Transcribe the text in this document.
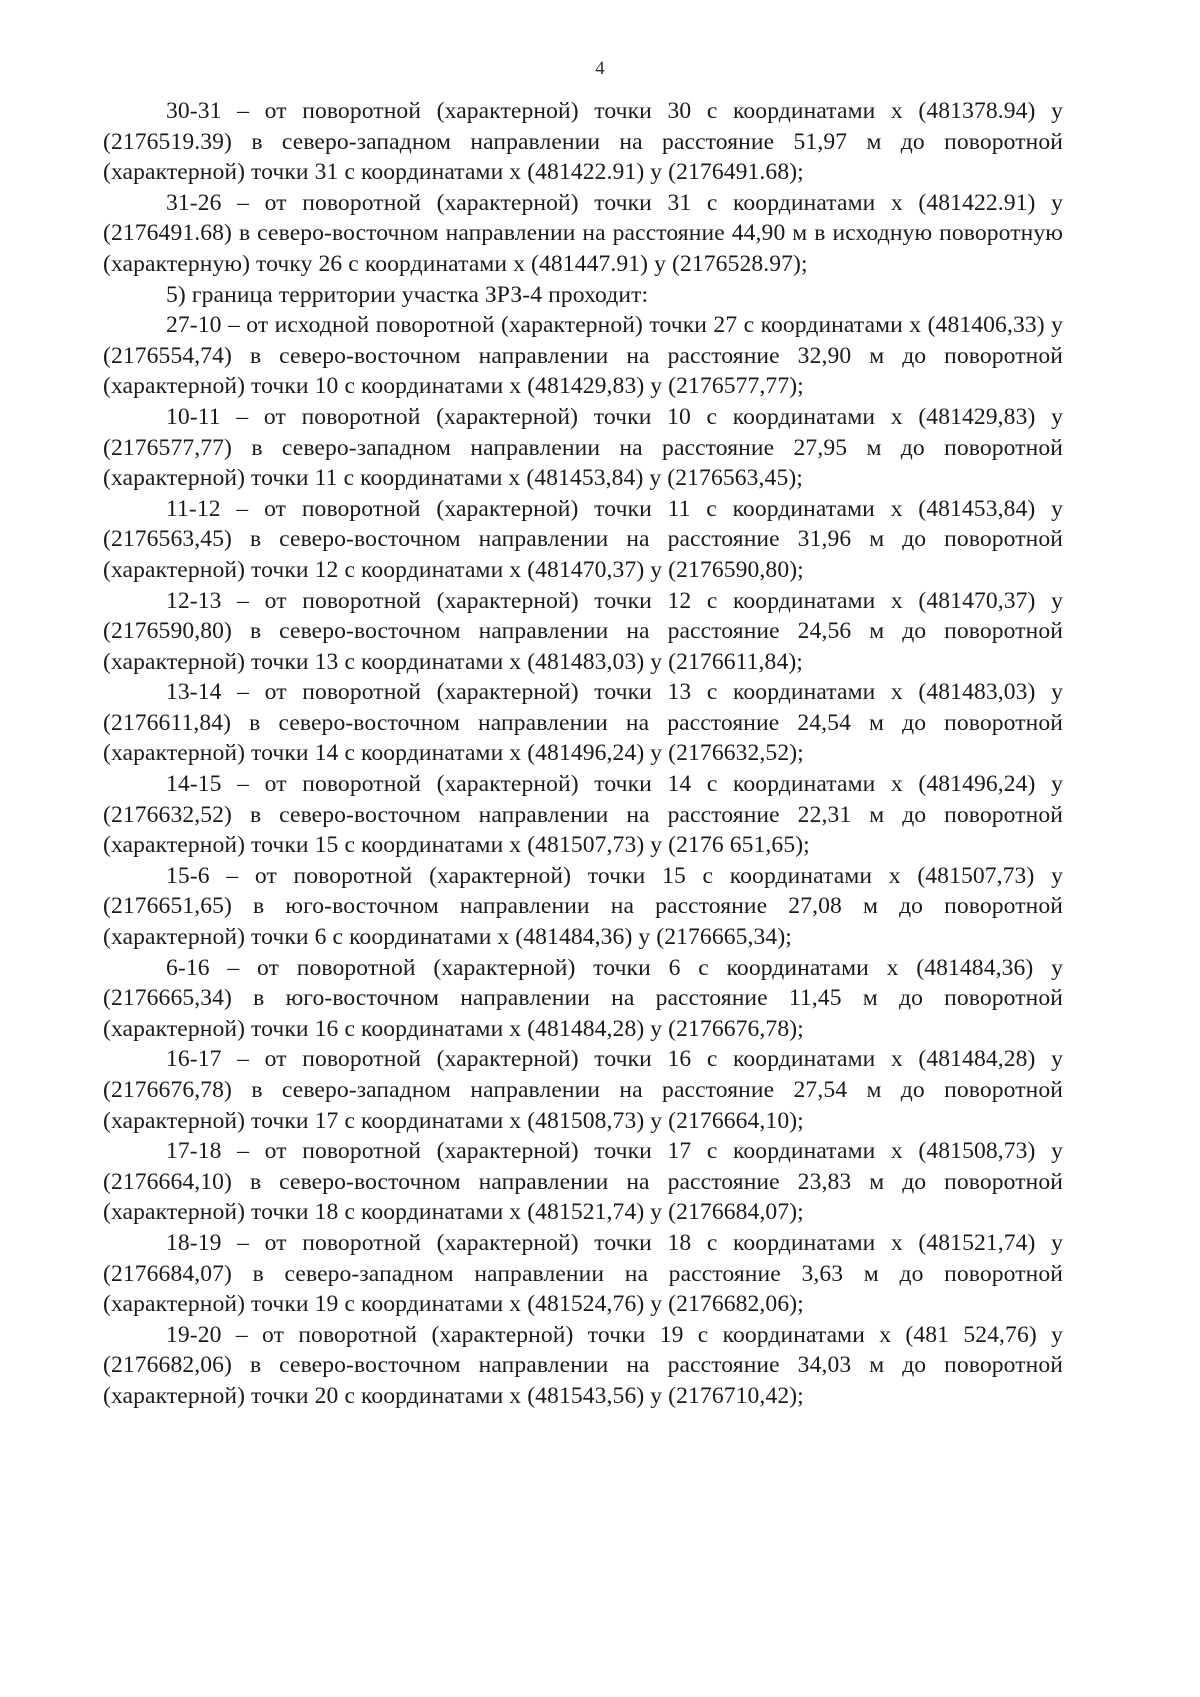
4

30-31 – от поворотной (характерной) точки 30 с координатами х (481378.94) у (2176519.39) в северо-западном направлении на расстояние 51,97 м до поворотной (характерной) точки 31 с координатами х (481422.91) у (2176491.68);

31-26 – от поворотной (характерной) точки 31 с координатами х (481422.91) у (2176491.68) в северо-восточном направлении на расстояние 44,90 м в исходную поворотную (характерную) точку 26 с координатами х (481447.91) у (2176528.97);

5) граница территории участка ЗРЗ-4 проходит:

27-10 – от исходной поворотной (характерной) точки 27 с координатами х (481406,33) у (2176554,74) в северо-восточном направлении на расстояние 32,90 м до поворотной (характерной) точки 10 с координатами х (481429,83) у (2176577,77);

10-11 – от поворотной (характерной) точки 10 с координатами х (481429,83) у (2176577,77) в северо-западном направлении на расстояние 27,95 м до поворотной (характерной) точки 11 с координатами х (481453,84) у (2176563,45);

11-12 – от поворотной (характерной) точки 11 с координатами х (481453,84) у (2176563,45) в северо-восточном направлении на расстояние 31,96 м до поворотной (характерной) точки 12 с координатами х (481470,37) у (2176590,80);

12-13 – от поворотной (характерной) точки 12 с координатами х (481470,37) у (2176590,80) в северо-восточном направлении на расстояние 24,56 м до поворотной (характерной) точки 13 с координатами х (481483,03) у (2176611,84);

13-14 – от поворотной (характерной) точки 13 с координатами х (481483,03) у (2176611,84) в северо-восточном направлении на расстояние 24,54 м до поворотной (характерной) точки 14 с координатами х (481496,24) у (2176632,52);

14-15 – от поворотной (характерной) точки 14 с координатами х (481496,24) у (2176632,52) в северо-восточном направлении на расстояние 22,31 м до поворотной (характерной) точки 15 с координатами х (481507,73) у (2176 651,65);

15-6 – от поворотной (характерной) точки 15 с координатами х (481507,73) у (2176651,65) в юго-восточном направлении на расстояние 27,08 м до поворотной (характерной) точки 6 с координатами х (481484,36) у (2176665,34);

6-16 – от поворотной (характерной) точки 6 с координатами х (481484,36) у (2176665,34) в юго-восточном направлении на расстояние 11,45 м до поворотной (характерной) точки 16 с координатами х (481484,28) у (2176676,78);

16-17 – от поворотной (характерной) точки 16 с координатами х (481484,28) у (2176676,78) в северо-западном направлении на расстояние 27,54 м до поворотной (характерной) точки 17 с координатами х (481508,73) у (2176664,10);

17-18 – от поворотной (характерной) точки 17 с координатами х (481508,73) у (2176664,10) в северо-восточном направлении на расстояние 23,83 м до поворотной (характерной) точки 18 с координатами х (481521,74) у (2176684,07);

18-19 – от поворотной (характерной) точки 18 с координатами х (481521,74) у (2176684,07) в северо-западном направлении на расстояние 3,63 м до поворотной (характерной) точки 19 с координатами х (481524,76) у (2176682,06);

19-20 – от поворотной (характерной) точки 19 с координатами х (481 524,76) у (2176682,06) в северо-восточном направлении на расстояние 34,03 м до поворотной (характерной) точки 20 с координатами х (481543,56) у (2176710,42);
